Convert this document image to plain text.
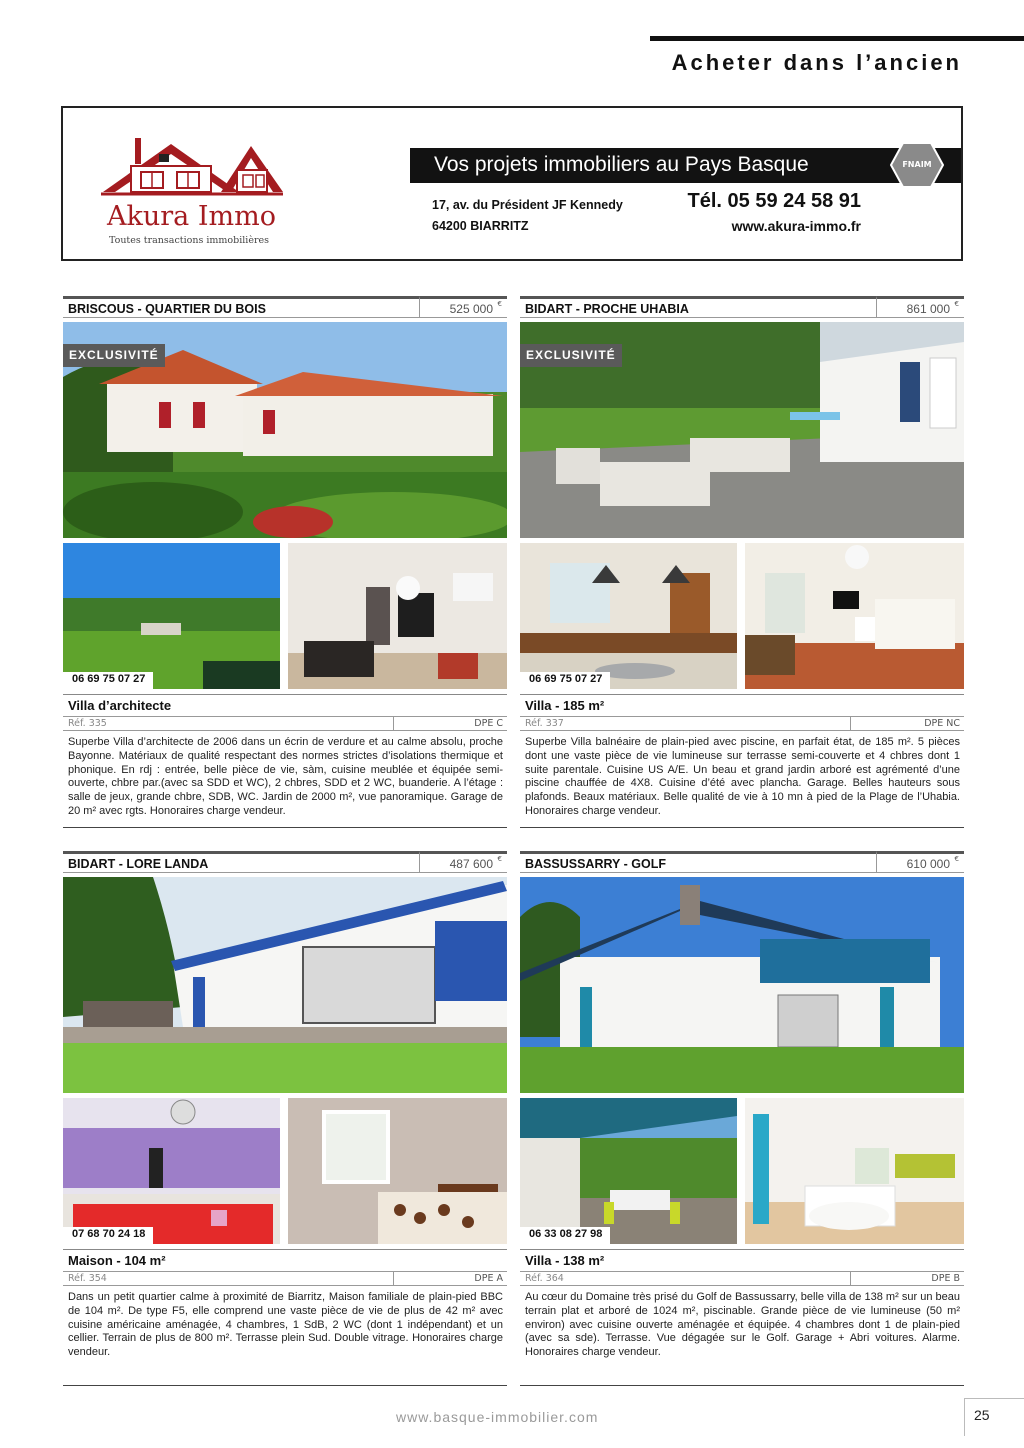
Acheter dans l’ancien
Akura Immo
Toutes transactions immobilières
Vos projets immobiliers au Pays Basque	FNAIM
17, av. du Président JF Kennedy
64200 BIARRITZ
Tél. 05 59 24 58 91
www.akura-immo.fr
BRISCOUS - QUARTIER DU BOIS	525 000 €
EXCLUSIVITÉ
06 69 75 07 27
Villa d’architecte
Réf. 335	DPE C
Superbe Villa d’architecte de 2006 dans un écrin de verdure et au calme absolu, proche Bayonne. Matériaux de qualité respectant des normes strictes d’isolations thermique et phonique. En rdj : entrée, belle pièce de vie, sàm, cuisine meublée et équipée semi-ouverte, chbre par.(avec sa SDD et WC), 2 chbres, SDD et 2 WC, buanderie. A l’étage : salle de jeux, grande chbre, SDB, WC. Jardin de 2000 m², vue panoramique. Garage de 20 m² avec rgts. Honoraires charge vendeur.
BIDART - PROCHE UHABIA	861 000 €
EXCLUSIVITÉ
06 69 75 07 27
Villa - 185 m²
Réf. 337	DPE NC
Superbe Villa balnéaire de plain-pied avec piscine, en parfait état, de 185 m². 5 pièces dont une vaste pièce de vie lumineuse sur terrasse semi-couverte et 4 chbres dont 1 suite parentale. Cuisine US A/E. Un beau et grand jardin arboré est agrémenté d’une piscine chauffée de 4X8. Cuisine d’été avec plancha. Garage. Belles hauteurs sous plafonds. Beaux matériaux. Belle qualité de vie à 10 mn à pied de la Plage de l’Uhabia. Honoraires charge vendeur.
BIDART - LORE LANDA	487 600 €
07 68 70 24 18
Maison - 104 m²
Réf. 354	DPE A
Dans un petit quartier calme à proximité de Biarritz, Maison familiale de plain-pied BBC de 104 m². De type F5, elle comprend une vaste pièce de vie de plus de 42 m² avec cuisine américaine aménagée, 4 chambres, 1 SdB, 2 WC (dont 1 indépendant) et un cellier. Terrain de plus de 800 m². Terrasse plein Sud. Double vitrage. Honoraires charge vendeur.
BASSUSSARRY - GOLF	610 000 €
06 33 08 27 98
Villa - 138 m²
Réf. 364	DPE B
Au cœur du Domaine très prisé du Golf de Bassussarry, belle villa de 138 m² sur un beau terrain plat et arboré de 1024 m², piscinable. Grande pièce de vie lumineuse (50 m² environ) avec cuisine ouverte aménagée et équipée. 4 chambres dont 1 de plain-pied (avec sa sde). Terrasse. Vue dégagée sur le Golf. Garage + Abri voitures. Alarme. Honoraires charge vendeur.
www.basque-immobilier.com	25
